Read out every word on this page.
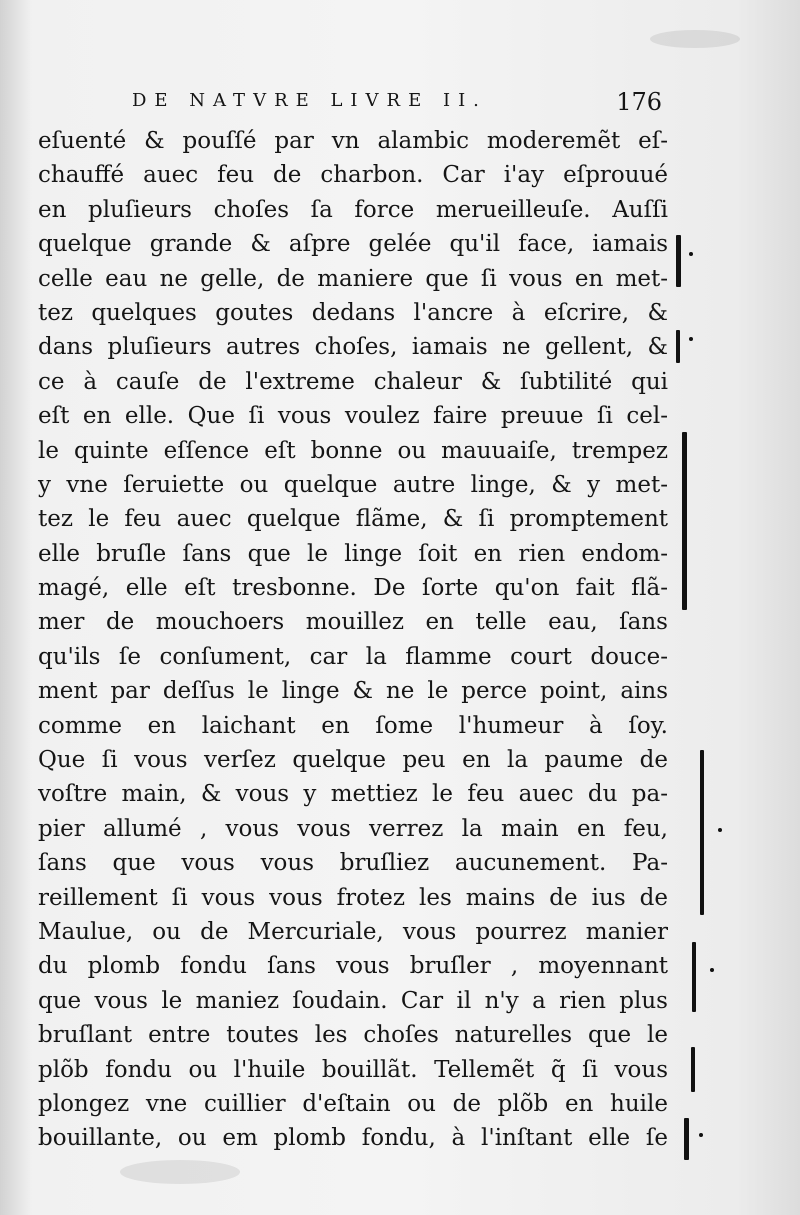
DE NATVRE LIVRE II.	176
eſuenté & pouſſé par vn alambic moderemẽt eſ-
chauffé auec feu de charbon. Car i'ay eſprouué
en pluſieurs choſes ſa force merueilleuſe. Auſſi
quelque grande & aſpre gelée qu'il face, iamais
celle eau ne gelle, de maniere que ſi vous en met-
tez quelques goutes dedans l'ancre à eſcrire, &
dans pluſieurs autres choſes, iamais ne gellent, &
ce à cauſe de l'extreme chaleur & ſubtilité qui
eſt en elle. Que ſi vous voulez faire preuue ſi cel-
le quinte eſſence eſt bonne ou mauuaiſe, trempez
y vne ſeruiette ou quelque autre linge, & y met-
tez le feu auec quelque flãme, & ſi promptement
elle bruſle ſans que le linge ſoit en rien endom-
magé, elle eſt tresbonne. De ſorte qu'on fait flã-
mer de mouchoers mouillez en telle eau, ſans
qu'ils ſe conſument, car la flamme court douce-
ment par deſſus le linge & ne le perce point, ains
comme en laichant en ſome l'humeur à ſoy.
Que ſi vous verſez quelque peu en la paume de
voſtre main, & vous y mettiez le feu auec du pa-
pier allumé , vous vous verrez la main en feu,
ſans que vous vous bruſliez aucunement. Pa-
reillement ſi vous vous frotez les mains de ius de
Maulue, ou de Mercuriale, vous pourrez manier
du plomb fondu ſans vous bruſler , moyennant
que vous le maniez ſoudain. Car il n'y a rien plus
bruſlant entre toutes les choſes naturelles que le
plõb fondu ou l'huile bouillãt. Tellemẽt q̃ ſi vous
plongez vne cuillier d'eſtain ou de plõb en huile
bouillante, ou em plomb fondu, à l'inſtant elle ſe
